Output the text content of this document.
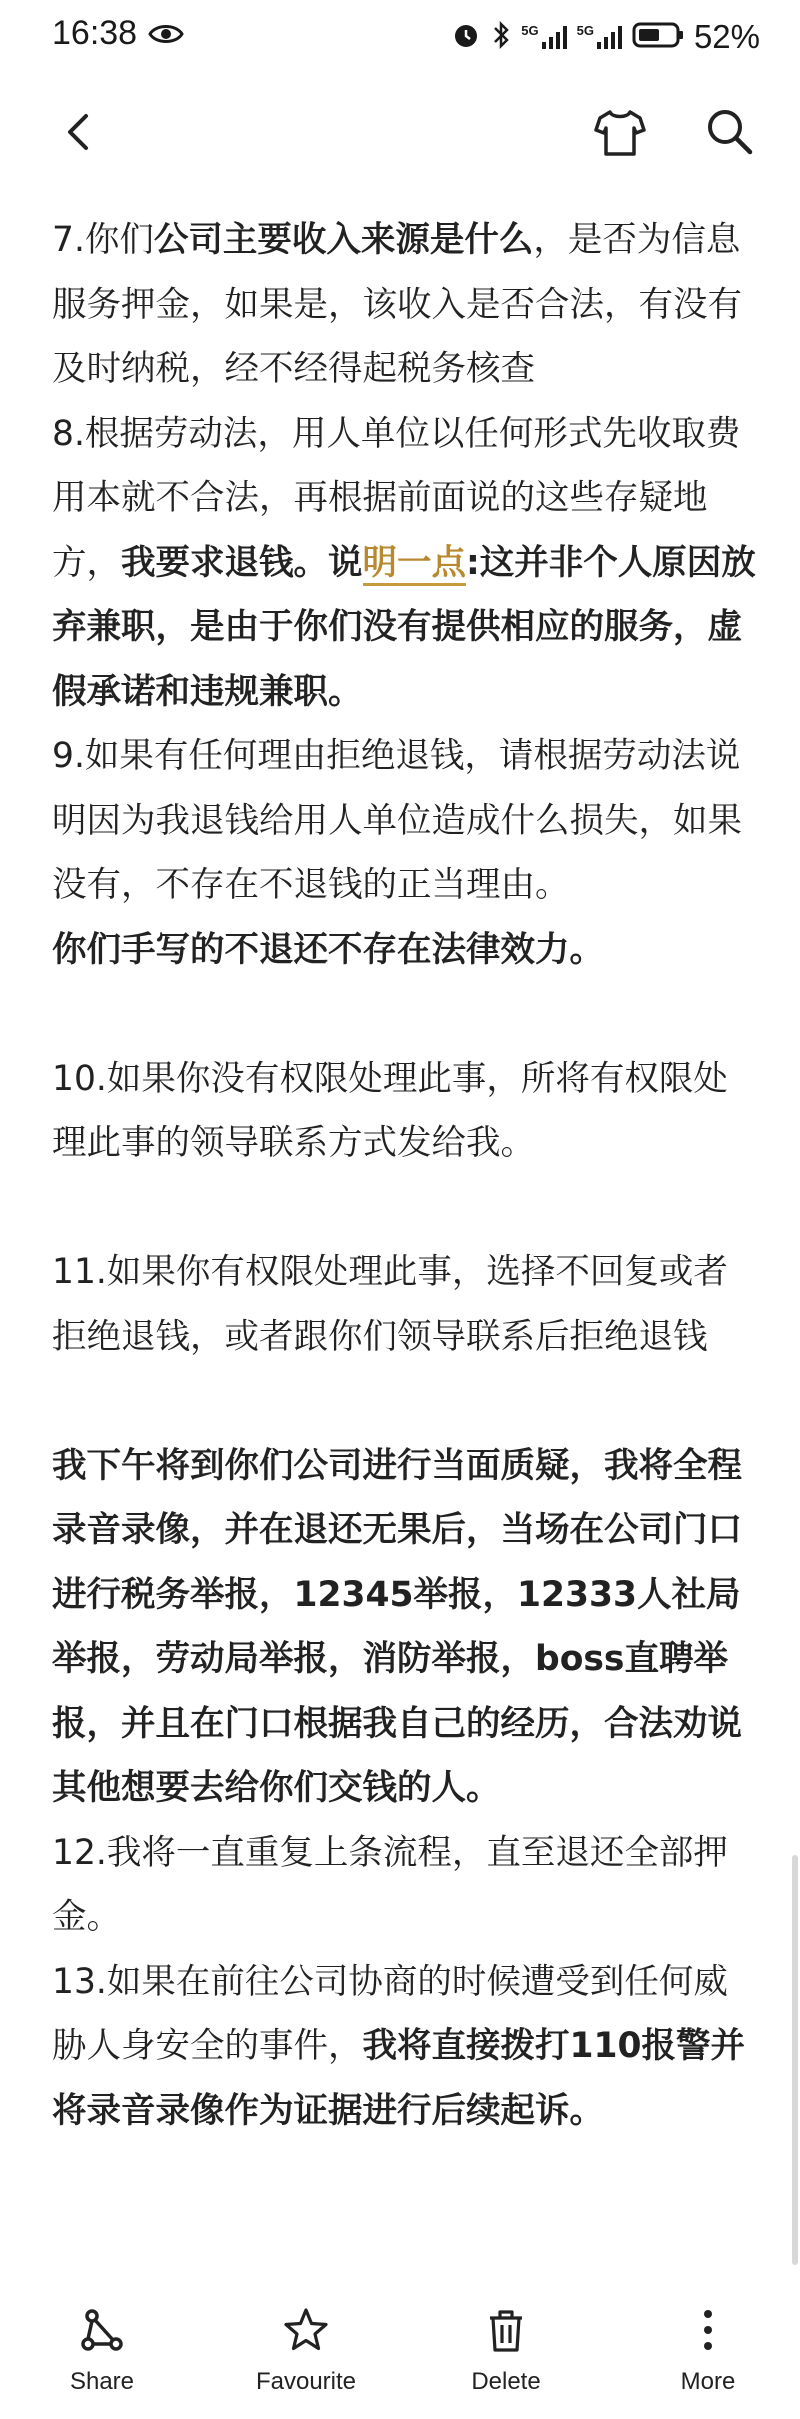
16:38	5G	5G	52%

7.你们公司主要收入来源是什么，是否为信息服务押金，如果是，该收入是否合法，有没有及时纳税，经不经得起税务核查

8.根据劳动法，用人单位以任何形式先收取费用本就不合法，再根据前面说的这些存疑地方，我要求退钱。说明一点:这并非个人原因放弃兼职，是由于你们没有提供相应的服务，虚假承诺和违规兼职。

9.如果有任何理由拒绝退钱，请根据劳动法说明因为我退钱给用人单位造成什么损失，如果没有，不存在不退钱的正当理由。

你们手写的不退还不存在法律效力。

10.如果你没有权限处理此事，所将有权限处理此事的领导联系方式发给我。

11.如果你有权限处理此事，选择不回复或者拒绝退钱，或者跟你们领导联系后拒绝退钱

我下午将到你们公司进行当面质疑，我将全程录音录像，并在退还无果后，当场在公司门口进行税务举报，12345举报，12333人社局举报，劳动局举报，消防举报，boss直聘举报，并且在门口根据我自己的经历，合法劝说其他想要去给你们交钱的人。

12.我将一直重复上条流程，直至退还全部押金。

13.如果在前往公司协商的时候遭受到任何威胁人身安全的事件，我将直接拨打110报警并将录音录像作为证据进行后续起诉。

Share	Favourite	Delete	More
